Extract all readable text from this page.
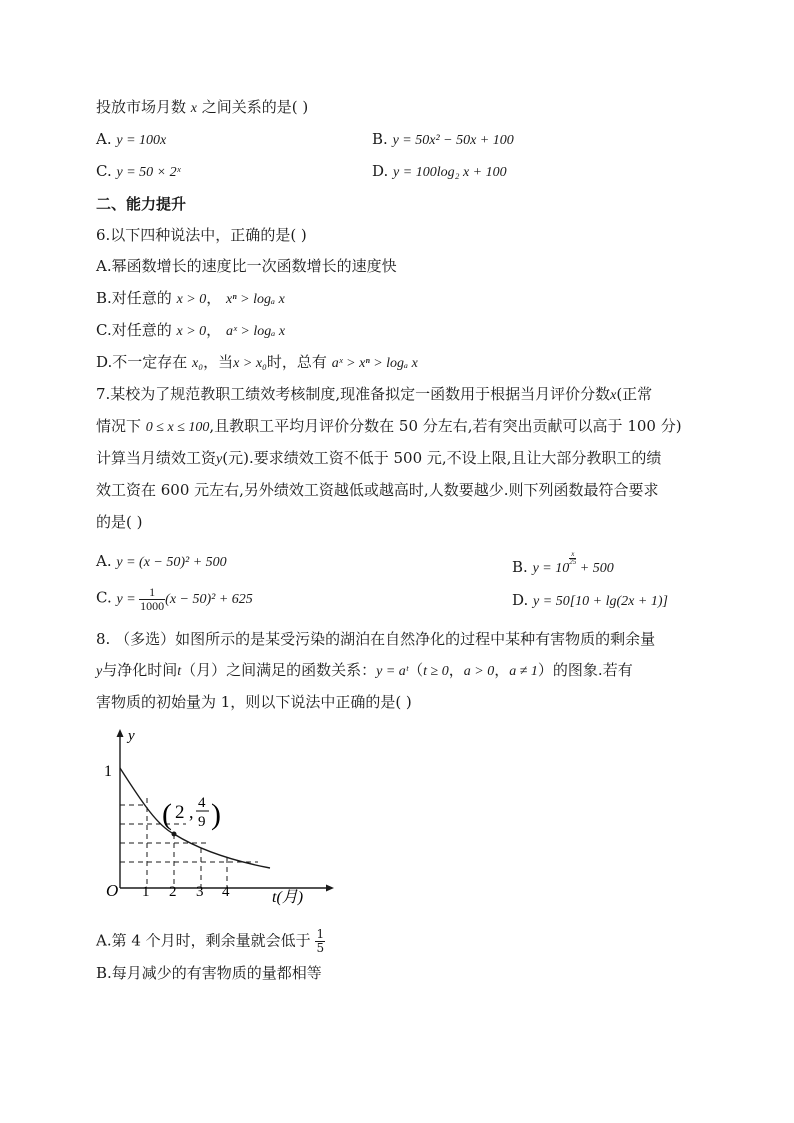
投放市场月数 x 之间关系的是( )
A. y = 100x	B. y = 50x² − 50x + 100
C. y = 50 × 2ˣ	D. y = 100log₂ x + 100
二、能力提升
6.以下四种说法中，正确的是( )
A.幂函数增长的速度比一次函数增长的速度快
B.对任意的 x > 0， xⁿ > logₐ x
C.对任意的 x > 0， aˣ > logₐ x
D.不一定存在 x₀，当x > x₀时，总有 aˣ > xⁿ > logₐ x
7.某校为了规范教职工绩效考核制度,现准备拟定一函数用于根据当月评价分数x(正常
情况下 0 ≤ x ≤ 100,且教职工平均月评价分数在 50 分左右,若有突出贡献可以高于 100 分)
计算当月绩效工资y(元).要求绩效工资不低于 500 元,不设上限,且让大部分教职工的绩
效工资在 600 元左右,另外绩效工资越低或越高时,人数要越少.则下列函数最符合要求
的是( )
A. y = (x − 50)² + 500	B. y = 10
$\frac{x}{25} + 500$
C. $y = \frac{1}{1000} (x - 50)^2 + 625$	D. y = 50[10 + lg(2x + 1)]
8. （多选）如图所示的是某受污染的湖泊在自然净化的过程中某种有害物质的剩余量
y与净化时间t（月）之间满足的函数关系：y = aᵗ（t ≥ 0，a > 0，a ≠ 1）的图象.若有
害物质的初始量为 1，则以下说法中正确的是( )
y
1
O 1 2 3 4	t(月)
( 2 , 4
9 )
A.第 4 个月时，剩余量就会低于 $\frac{1}{5}$
B.每月减少的有害物质的量都相等
